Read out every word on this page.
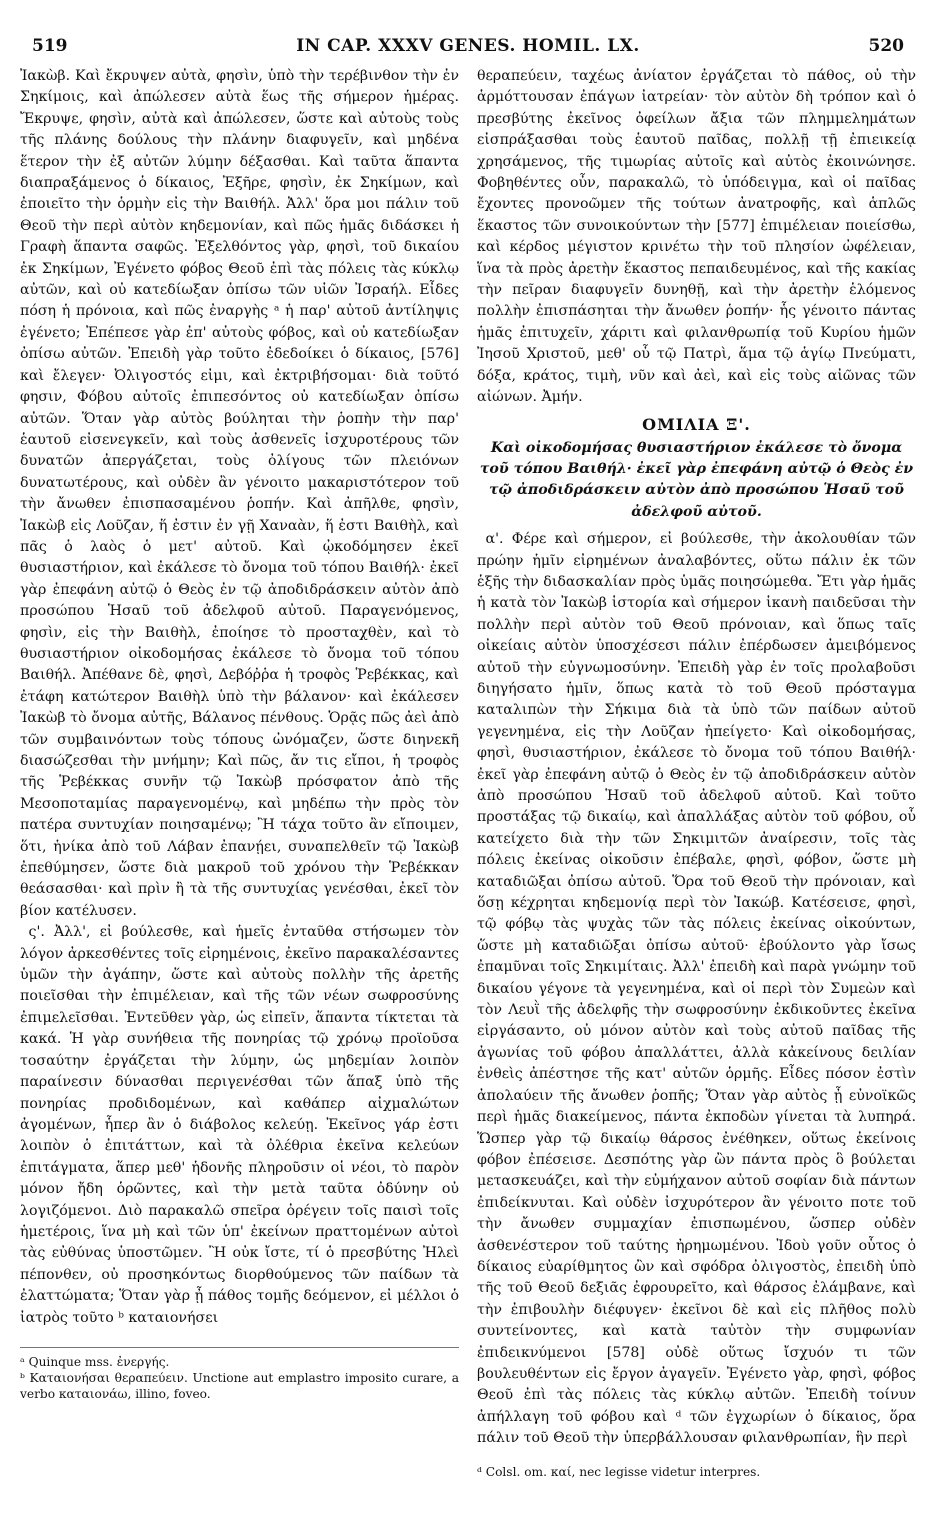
519	IN CAP. XXXV GENES. HOMIL. LX.	520

Ἰακὼβ. Καὶ ἔκρυψεν αὐτὰ, φησὶν, ὑπὸ τὴν τερέβινθον τὴν ἐν Σηκίμοις, καὶ ἀπώλεσεν αὐτὰ ἕως τῆς σήμερον ἡμέρας. Ἔκρυψε, φησὶν, αὐτὰ καὶ ἀπώλεσεν, ὥστε καὶ αὐτοὺς τοὺς τῆς πλάνης δούλους τὴν πλάνην διαφυγεῖν, καὶ μηδένα ἕτερον τὴν ἐξ αὐτῶν λύμην δέξασθαι. Καὶ ταῦτα ἅπαντα διαπραξάμενος ὁ δίκαιος, Ἐξῆρε, φησὶν, ἐκ Σηκίμων, καὶ ἐποιεῖτο τὴν ὁρμὴν εἰς τὴν Βαιθήλ. Ἀλλ' ὅρα μοι πάλιν τοῦ Θεοῦ τὴν περὶ αὐτὸν κηδεμονίαν, καὶ πῶς ἡμᾶς διδάσκει ἡ Γραφὴ ἅπαντα σαφῶς. Ἐξελθόντος γὰρ, φησὶ, τοῦ δικαίου ἐκ Σηκίμων, Ἐγένετο φόβος Θεοῦ ἐπὶ τὰς πόλεις τὰς κύκλῳ αὐτῶν, καὶ οὐ κατεδίωξαν ὀπίσω τῶν υἱῶν Ἰσραήλ. Εἶδες πόση ἡ πρόνοια, καὶ πῶς ἐναργὴς ᵃ ἡ παρ' αὐτοῦ ἀντίληψις ἐγένετο; Ἐπέπεσε γὰρ ἐπ' αὐτοὺς φόβος, καὶ οὐ κατεδίωξαν ὀπίσω αὐτῶν. Ἐπειδὴ γὰρ τοῦτο ἐδεδοίκει ὁ δίκαιος, [576] καὶ ἔλεγεν· Ὀλιγοστός εἰμι, καὶ ἐκτριβήσομαι· διὰ τοῦτό φησιν, Φόβου αὐτοῖς ἐπιπεσόντος οὐ κατεδίωξαν ὀπίσω αὐτῶν. Ὅταν γὰρ αὐτὸς βούληται τὴν ῥοπὴν τὴν παρ' ἑαυτοῦ εἰσενεγκεῖν, καὶ τοὺς ἀσθενεῖς ἰσχυροτέρους τῶν δυνατῶν ἀπεργάζεται, τοὺς ὀλίγους τῶν πλειόνων δυνατωτέρους, καὶ οὐδὲν ἂν γένοιτο μακαριστότερον τοῦ τὴν ἄνωθεν ἐπισπασαμένου ῥοπήν. Καὶ ἀπῆλθε, φησὶν, Ἰακὼβ εἰς Λοῦζαν, ἥ ἐστιν ἐν γῇ Χαναὰν, ἥ ἐστι Βαιθὴλ, καὶ πᾶς ὁ λαὸς ὁ μετ' αὐτοῦ. Καὶ ᾠκοδόμησεν ἐκεῖ θυσιαστήριον, καὶ ἐκάλεσε τὸ ὄνομα τοῦ τόπου Βαιθήλ· ἐκεῖ γὰρ ἐπεφάνη αὐτῷ ὁ Θεὸς ἐν τῷ ἀποδιδράσκειν αὐτὸν ἀπὸ προσώπου Ἡσαῦ τοῦ ἀδελφοῦ αὐτοῦ. Παραγενόμενος, φησὶν, εἰς τὴν Βαιθὴλ, ἐποίησε τὸ προσταχθὲν, καὶ τὸ θυσιαστήριον οἰκοδομήσας ἐκάλεσε τὸ ὄνομα τοῦ τόπου Βαιθήλ. Ἀπέθανε δὲ, φησὶ, Δεβόῤῥα ἡ τροφὸς Ῥεβέκκας, καὶ ἐτάφη κατώτερον Βαιθὴλ ὑπὸ τὴν βάλανον· καὶ ἐκάλεσεν Ἰακὼβ τὸ ὄνομα αὐτῆς, Βάλανος πένθους. Ὁρᾷς πῶς ἀεὶ ἀπὸ τῶν συμβαινόντων τοὺς τόπους ὠνόμαζεν, ὥστε διηνεκῆ διασώζεσθαι τὴν μνήμην; Καὶ πῶς, ἄν τις εἴποι, ἡ τροφὸς τῆς Ῥεβέκκας συνῆν τῷ Ἰακὼβ πρόσφατον ἀπὸ τῆς Μεσοποταμίας παραγενομένῳ, καὶ μηδέπω τὴν πρὸς τὸν πατέρα συντυχίαν ποιησαμένῳ; Ἢ τάχα τοῦτο ἂν εἴποιμεν, ὅτι, ἡνίκα ἀπὸ τοῦ Λάβαν ἐπανῄει, συναπελθεῖν τῷ Ἰακὼβ ἐπεθύμησεν, ὥστε διὰ μακροῦ τοῦ χρόνου τὴν Ῥεβέκκαν θεάσασθαι· καὶ πρὶν ἢ τὰ τῆς συντυχίας γενέσθαι, ἐκεῖ τὸν βίον κατέλυσεν.

ς'. Ἀλλ', εἰ βούλεσθε, καὶ ἡμεῖς ἐνταῦθα στήσωμεν τὸν λόγον ἀρκεσθέντες τοῖς εἰρημένοις, ἐκεῖνο παρακαλέσαντες ὑμῶν τὴν ἀγάπην, ὥστε καὶ αὐτοὺς πολλὴν τῆς ἀρετῆς ποιεῖσθαι τὴν ἐπιμέλειαν, καὶ τῆς τῶν νέων σωφροσύνης ἐπιμελεῖσθαι. Ἐντεῦθεν γὰρ, ὡς εἰπεῖν, ἅπαντα τίκτεται τὰ κακά. Ἡ γὰρ συνήθεια τῆς πονηρίας τῷ χρόνῳ προϊοῦσα τοσαύτην ἐργάζεται τὴν λύμην, ὡς μηδεμίαν λοιπὸν παραίνεσιν δύνασθαι περιγενέσθαι τῶν ἅπαξ ὑπὸ τῆς πονηρίας προδιδομένων, καὶ καθάπερ αἰχμαλώτων ἀγομένων, ἧπερ ἂν ὁ διάβολος κελεύῃ. Ἐκεῖνος γάρ ἐστι λοιπὸν ὁ ἐπιτάττων, καὶ τὰ ὀλέθρια ἐκεῖνα κελεύων ἐπιτάγματα, ἅπερ μεθ' ἡδονῆς πληροῦσιν οἱ νέοι, τὸ παρὸν μόνον ἤδη ὁρῶντες, καὶ τὴν μετὰ ταῦτα ὀδύνην οὐ λογιζόμενοι. Διὸ παρακαλῶ σπεῖρα ὀρέγειν τοῖς παισὶ τοῖς ἡμετέροις, ἵνα μὴ καὶ τῶν ὑπ' ἐκείνων πραττομένων αὐτοὶ τὰς εὐθύνας ὑποστῶμεν. Ἢ οὐκ ἴστε, τί ὁ πρεσβύτης Ἠλεὶ πέπονθεν, οὐ προσηκόντως διορθούμενος τῶν παίδων τὰ ἐλαττώματα; Ὅταν γὰρ ᾖ πάθος τομῆς δεόμενον, εἰ μέλλοι ὁ ἰατρὸς τοῦτο ᵇ καταιονήσει

ᵃ Quinque mss. ἐνεργής.

ᵇ Καταιονήσαι θεραπεύειν. Unctione aut emplastro imposito curare, a verbo καταιονάω, illino, foveo.

θεραπεύειν, ταχέως ἀνίατον ἐργάζεται τὸ πάθος, οὐ τὴν ἁρμόττουσαν ἐπάγων ἰατρείαν· τὸν αὐτὸν δὴ τρόπον καὶ ὁ πρεσβύτης ἐκεῖνος ὀφείλων ἄξια τῶν πλημμελημάτων εἰσπράξασθαι τοὺς ἑαυτοῦ παῖδας, πολλῇ τῇ ἐπιεικείᾳ χρησάμενος, τῆς τιμωρίας αὐτοῖς καὶ αὐτὸς ἐκοινώνησε. Φοβηθέντες οὖν, παρακαλῶ, τὸ ὑπόδειγμα, καὶ οἱ παῖδας ἔχοντες προνοῶμεν τῆς τούτων ἀνατροφῆς, καὶ ἁπλῶς ἕκαστος τῶν συνοικούντων τὴν [577] ἐπιμέλειαν ποιείσθω, καὶ κέρδος μέγιστον κρινέτω τὴν τοῦ πλησίον ὠφέλειαν, ἵνα τὰ πρὸς ἀρετὴν ἕκαστος πεπαιδευμένος, καὶ τῆς κακίας τὴν πεῖραν διαφυγεῖν δυνηθῇ, καὶ τὴν ἀρετὴν ἑλόμενος πολλὴν ἐπισπάσηται τὴν ἄνωθεν ῥοπήν· ἧς γένοιτο πάντας ἡμᾶς ἐπιτυχεῖν, χάριτι καὶ φιλανθρωπίᾳ τοῦ Κυρίου ἡμῶν Ἰησοῦ Χριστοῦ, μεθ' οὗ τῷ Πατρὶ, ἅμα τῷ ἁγίῳ Πνεύματι, δόξα, κράτος, τιμὴ, νῦν καὶ ἀεὶ, καὶ εἰς τοὺς αἰῶνας τῶν αἰώνων. Ἀμήν.

ΟΜΙΛΙΑ Ξ'.

Καὶ οἰκοδομήσας θυσιαστήριον ἐκάλεσε τὸ ὄνομα τοῦ τόπου Βαιθήλ· ἐκεῖ γὰρ ἐπεφάνη αὐτῷ ὁ Θεὸς ἐν τῷ ἀποδιδράσκειν αὐτὸν ἀπὸ προσώπου Ἡσαῦ τοῦ ἀδελφοῦ αὐτοῦ.

α'. Φέρε καὶ σήμερον, εἰ βούλεσθε, τὴν ἀκολουθίαν τῶν πρώην ἡμῖν εἰρημένων ἀναλαβόντες, οὕτω πάλιν ἐκ τῶν ἑξῆς τὴν διδασκαλίαν πρὸς ὑμᾶς ποιησώμεθα. Ἔτι γὰρ ἡμᾶς ἡ κατὰ τὸν Ἰακὼβ ἱστορία καὶ σήμερον ἱκανὴ παιδεῦσαι τὴν πολλὴν περὶ αὐτὸν τοῦ Θεοῦ πρόνοιαν, καὶ ὅπως ταῖς οἰκείαις αὐτὸν ὑποσχέσεσι πάλιν ἐπέρδωσεν ἀμειβόμενος αὐτοῦ τὴν εὐγνωμοσύνην. Ἐπειδὴ γὰρ ἐν τοῖς προλαβοῦσι διηγήσατο ἡμῖν, ὅπως κατὰ τὸ τοῦ Θεοῦ πρόσταγμα καταλιπὼν τὴν Σήκιμα διὰ τὰ ὑπὸ τῶν παίδων αὐτοῦ γεγενημένα, εἰς τὴν Λοῦζαν ἠπείγετο· Καὶ οἰκοδομήσας, φησὶ, θυσιαστήριον, ἐκάλεσε τὸ ὄνομα τοῦ τόπου Βαιθήλ· ἐκεῖ γὰρ ἐπεφάνη αὐτῷ ὁ Θεὸς ἐν τῷ ἀποδιδράσκειν αὐτὸν ἀπὸ προσώπου Ἡσαῦ τοῦ ἀδελφοῦ αὐτοῦ. Καὶ τοῦτο προστάξας τῷ δικαίῳ, καὶ ἀπαλλάξας αὐτὸν τοῦ φόβου, οὗ κατείχετο διὰ τὴν τῶν Σηκιμιτῶν ἀναίρεσιν, τοῖς τὰς πόλεις ἐκείνας οἰκοῦσιν ἐπέβαλε, φησὶ, φόβον, ὥστε μὴ καταδιῶξαι ὀπίσω αὐτοῦ. Ὅρα τοῦ Θεοῦ τὴν πρόνοιαν, καὶ ὅσῃ κέχρηται κηδεμονίᾳ περὶ τὸν Ἰακώβ. Κατέσεισε, φησὶ, τῷ φόβῳ τὰς ψυχὰς τῶν τὰς πόλεις ἐκείνας οἰκούντων, ὥστε μὴ καταδιῶξαι ὀπίσω αὐτοῦ· ἐβούλοντο γὰρ ἴσως ἐπαμῦναι τοῖς Σηκιμίταις. Ἀλλ' ἐπειδὴ καὶ παρὰ γνώμην τοῦ δικαίου γέγονε τὰ γεγενημένα, καὶ οἱ περὶ τὸν Συμεὼν καὶ τὸν Λευῒ τῆς ἀδελφῆς τὴν σωφροσύνην ἐκδικοῦντες ἐκεῖνα εἰργάσαντο, οὐ μόνον αὐτὸν καὶ τοὺς αὐτοῦ παῖδας τῆς ἀγωνίας τοῦ φόβου ἀπαλλάττει, ἀλλὰ κἀκείνους δειλίαν ἐνθεὶς ἀπέστησε τῆς κατ' αὐτῶν ὁρμῆς. Εἶδες πόσον ἐστὶν ἀπολαύειν τῆς ἄνωθεν ῥοπῆς; Ὅταν γὰρ αὐτὸς ᾖ εὐνοϊκῶς περὶ ἡμᾶς διακείμενος, πάντα ἐκποδὼν γίνεται τὰ λυπηρά. Ὥσπερ γὰρ τῷ δικαίῳ θάρσος ἐνέθηκεν, οὕτως ἐκείνοις φόβον ἐπέσεισε. Δεσπότης γὰρ ὢν πάντα πρὸς ὃ βούλεται μετασκευάζει, καὶ τὴν εὐμήχανον αὐτοῦ σοφίαν διὰ πάντων ἐπιδείκνυται. Καὶ οὐδὲν ἰσχυρότερον ἂν γένοιτο ποτε τοῦ τὴν ἄνωθεν συμμαχίαν ἐπισπωμένου, ὥσπερ οὐδὲν ἀσθενέστερον τοῦ ταύτης ἠρημωμένου. Ἰδοὺ γοῦν οὗτος ὁ δίκαιος εὐαρίθμητος ὢν καὶ σφόδρα ὀλιγοστὸς, ἐπειδὴ ὑπὸ τῆς τοῦ Θεοῦ δεξιᾶς ἐφρουρεῖτο, καὶ θάρσος ἐλάμβανε, καὶ τὴν ἐπιβουλὴν διέφυγεν· ἐκεῖνοι δὲ καὶ εἰς πλῆθος πολὺ συντείνοντες, καὶ κατὰ ταὐτὸν τὴν συμφωνίαν ἐπιδεικνύμενοι [578] οὐδὲ οὕτως ἴσχυόν τι τῶν βουλευθέντων εἰς ἔργον ἀγαγεῖν. Ἐγένετο γὰρ, φησὶ, φόβος Θεοῦ ἐπὶ τὰς πόλεις τὰς κύκλῳ αὐτῶν. Ἐπειδὴ τοίνυν ἀπήλλαγη τοῦ φόβου καὶ ᵈ τῶν ἐγχωρίων ὁ δίκαιος, ὅρα πάλιν τοῦ Θεοῦ τὴν ὑπερβάλλουσαν φιλανθρωπίαν, ἣν περὶ

ᵈ Colsl. om. καί, nec legisse videtur interpres.
